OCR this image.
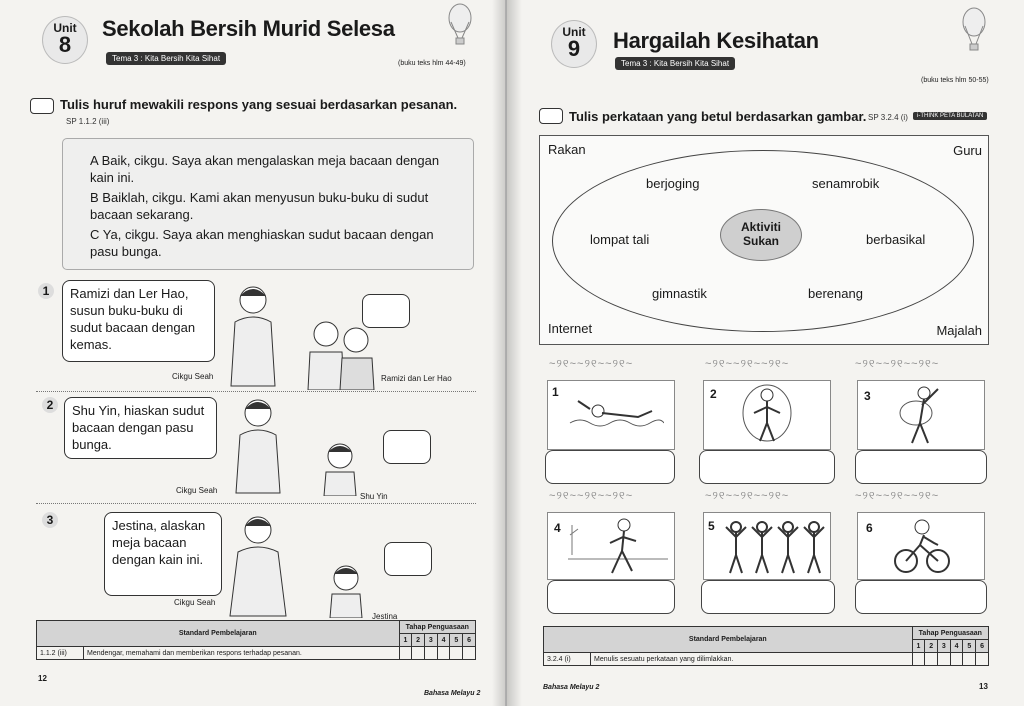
Unit
8
Sekolah Bersih Murid Selesa
Tema 3 : Kita Bersih Kita Sihat
(buku teks hlm 44-49)
Tulis huruf mewakili respons yang sesuai berdasarkan pesanan.
SP 1.1.2 (iii)
A Baik, cikgu. Saya akan mengalaskan meja bacaan dengan kain ini.
B Baiklah, cikgu. Kami akan menyusun buku-buku di sudut bacaan sekarang.
C Ya, cikgu. Saya akan menghiaskan sudut bacaan dengan pasu bunga.
1	Ramizi dan Ler Hao, susun buku-buku di sudut bacaan dengan kemas.
Cikgu Seah	Ramizi dan Ler Hao
2	Shu Yin, hiaskan sudut bacaan dengan pasu bunga.
Cikgu Seah
Shu Yin
3	Jestina, alaskan meja bacaan dengan kain ini.
Cikgu Seah
Jestina
Standard Pembelajaran		Tahap Penguasaan					
		1	2	3	4	5	6
1.1.2 (iii)	Mendengar, memahami dan memberikan respons terhadap pesanan.						
12
Bahasa Melayu 2
Unit
9	Hargailah Kesihatan
Tema 3 : Kita Bersih Kita Sihat
(buku teks hlm 50-55)
Tulis perkataan yang betul berdasarkan gambar. SP 3.2.4 (i)	i-THINK PETA BULATAN
Rakan	Guru
Internet	Majalah
Aktiviti Sukan
berjoging	senamrobik
lompat tali	berbasikal
gimnastik	berenang
~୨୧~~୨୧~~୨୧~	~୨୧~~୨୧~~୨୧~	~୨୧~~୨୧~~୨୧~
1	2	3
~୨୧~~୨୧~~୨୧~	~୨୧~~୨୧~~୨୧~	~୨୧~~୨୧~~୨୧~
4	5	6
Standard Pembelajaran		Tahap Penguasaan					
		1	2	3	4	5	6
3.2.4 (i)	Menulis sesuatu perkataan yang dilimlakkan.						
Bahasa Melayu 2	13
